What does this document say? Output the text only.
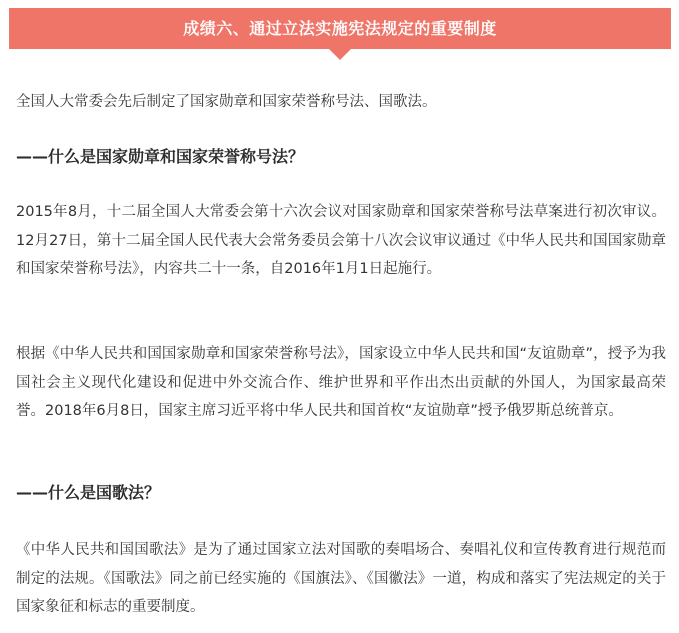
成绩六、通过立法实施宪法规定的重要制度

全国人大常委会先后制定了国家勋章和国家荣誉称号法、国歌法。

——什么是国家勋章和国家荣誉称号法？

2015年8月，十二届全国人大常委会第十六次会议对国家勋章和国家荣誉称号法草案进行初次审议。12月27日，第十二届全国人民代表大会常务委员会第十八次会议审议通过《中华人民共和国国家勋章和国家荣誉称号法》，内容共二十一条，自2016年1月1日起施行。

根据《中华人民共和国国家勋章和国家荣誉称号法》，国家设立中华人民共和国“友谊勋章”，授予为我国社会主义现代化建设和促进中外交流合作、维护世界和平作出杰出贡献的外国人，为国家最高荣誉。2018年6月8日，国家主席习近平将中华人民共和国首枚“友谊勋章”授予俄罗斯总统普京。

——什么是国歌法？

《中华人民共和国国歌法》是为了通过国家立法对国歌的奏唱场合、奏唱礼仪和宣传教育进行规范而制定的法规。《国歌法》同之前已经实施的《国旗法》、《国徽法》一道，构成和落实了宪法规定的关于国家象征和标志的重要制度。
